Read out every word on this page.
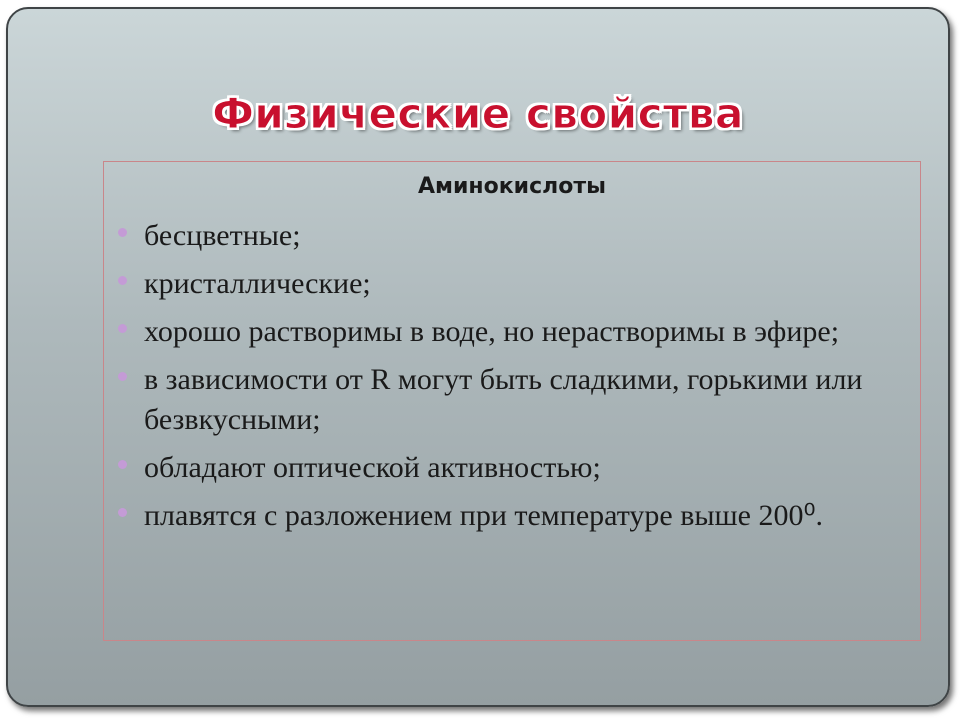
Физические свойства
Аминокислоты
бесцветные;
кристаллические;
хорошо растворимы в воде, но нерастворимы в эфире;
в зависимости от R могут быть сладкими, горькими или безвкусными;
обладают оптической активностью;
плавятся с разложением при температуре выше 200⁰.
